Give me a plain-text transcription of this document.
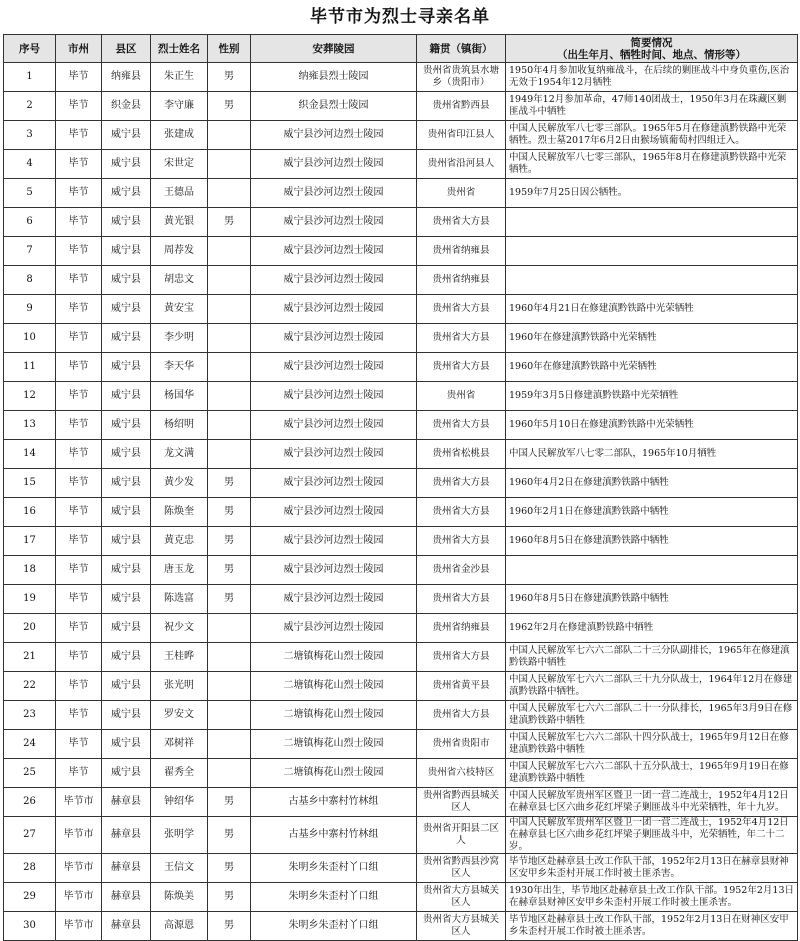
毕节市为烈士寻亲名单
序号	市州	县区	烈士姓名	性别	安葬陵园	籍贯（镇街）	简要情况
（出生年月、牺牲时间、地点、情形等）

1	毕节	纳雍县	朱正生	男	纳雍县烈士陵园	贵州省贵筑县水塘乡（贵阳市）	1950年4月参加收复纳雍战斗，在后续的剿匪战斗中身负重伤,医治无效于1954年12月牺牲
2	毕节	织金县	李守廉	男	织金县烈士陵园	贵州省黔西县	1949年12月参加革命，47师140团战士，1950年3月在珠藏区剿匪战斗中牺牲
3	毕节	威宁县	张建成		威宁县沙河边烈士陵园	贵州省印江县人	中国人民解放军八七零三部队。1965年5月在修建滇黔铁路中光荣牺牲。烈士墓2017年6月2日由猴场镇葡萄村四组迁入。
4	毕节	威宁县	宋世定		威宁县沙河边烈士陵园	贵州省沿河县人	中国人民解放军八七零三部队，1965年8月在修建滇黔铁路中光荣牺牲。
5	毕节	威宁县	王德品		威宁县沙河边烈士陵园	贵州省	1959年7月25日因公牺牲。
6	毕节	威宁县	黄光银	男	威宁县沙河边烈士陵园	贵州省大方县	
7	毕节	威宁县	周荐发		威宁县沙河边烈士陵园	贵州省纳雍县	
8	毕节	威宁县	胡忠文		威宁县沙河边烈士陵园	贵州省纳雍县	
9	毕节	威宁县	黄安宝		威宁县沙河边烈士陵园	贵州省大方县	1960年4月21日在修建滇黔铁路中光荣牺牲
10	毕节	威宁县	李少明		威宁县沙河边烈士陵园	贵州省大方县	1960年在修建滇黔铁路中光荣牺牲
11	毕节	威宁县	李天华		威宁县沙河边烈士陵园	贵州省大方县	1960年在修建滇黔铁路中光荣牺牲
12	毕节	威宁县	杨国华		威宁县沙河边烈士陵园	贵州省	1959年3月5日修建滇黔铁路中光荣牺牲
13	毕节	威宁县	杨绍明		威宁县沙河边烈士陵园	贵州省大方县	1960年5月10日在修建滇黔铁路中光荣牺牲
14	毕节	威宁县	龙文满		威宁县沙河边烈士陵园	贵州省松桃县	中国人民解放军八七零二部队，1965年10月牺牲
15	毕节	威宁县	黄少发	男	威宁县沙河边烈士陵园	贵州省大方县	1960年4月2日在修建滇黔铁路中牺牲
16	毕节	威宁县	陈焕奎	男	威宁县沙河边烈士陵园	贵州省大方县	1960年2月1日在修建滇黔铁路中牺牲
17	毕节	威宁县	黄克忠	男	威宁县沙河边烈士陵园	贵州省大方县	1960年8月5日在修建滇黔铁路中牺牲
18	毕节	威宁县	唐玉龙	男	威宁县沙河边烈士陵园	贵州省金沙县	
19	毕节	威宁县	陈选富	男	威宁县沙河边烈士陵园	贵州省大方县	1960年8月5日在修建滇黔铁路中牺牲
20	毕节	威宁县	祝少文		威宁县沙河边烈士陵园	贵州省纳雍县	1962年2月在修建滇黔铁路中牺牲
21	毕节	威宁县	王桂晔		二塘镇梅花山烈士陵园	贵州省大方县	中国人民解放军七六六二部队二十三分队副排长，1965年在修建滇黔铁路中牺牲
22	毕节	威宁县	张光明		二塘镇梅花山烈士陵园	贵州省黄平县	中国人民解放军七六六二部队三十九分队战士，1964年12月在修建滇黔铁路中牺牲。
23	毕节	威宁县	罗安文		二塘镇梅花山烈士陵园	贵州省大方县	中国人民解放军七六六二部队二十一分队排长，1965年3月9日在修建滇黔铁路中牺牲
24	毕节	威宁县	邓树祥		二塘镇梅花山烈士陵园	贵州省贵阳市	中国人民解放军七六六二部队十四分队战士，1965年9月12日在修建滇黔铁路中牺牲
25	毕节	威宁县	翟秀全		二塘镇梅花山烈士陵园	贵州省六枝特区	中国人民解放军七六六二部队十五分队战士，1965年9月19日在修建滇黔铁路中牺牲
26	毕节市	赫章县	钟绍华	男	古基乡中寨村竹林组	贵州省黔西县城关区人	中国人民解放军贵州军区暨卫一团一营二连战士，1952年4月12日在赫章县七区六曲乡花红坪梁子剿匪战斗中光荣牺牲，年十九岁。
27	毕节市	赫章县	张明学	男	古基乡中寨村竹林组	贵州省开阳县二区人	中国人民解放军贵州军区暨卫一团一营二连战士，1952年4月12日在赫章县七区六曲乡花红坪梁子剿匪战斗中，光荣牺牲，年二十二岁。
28	毕节市	赫章县	王信文	男	朱明乡朱歪村丫口组	贵州省黔西县沙窝区人	毕节地区赴赫章县土改工作队干部，1952年2月13日在赫章县财神区安甲乡朱歪村开展工作时被土匪杀害。
29	毕节市	赫章县	陈焕美	男	朱明乡朱歪村丫口组	贵州省大方县城关区人	1930年出生，毕节地区赴赫章县土改工作队干部。1952年2月13日在赫章县财神区安甲乡朱歪村开展工作时被土匪杀害。
30	毕节市	赫章县	高源恩	男	朱明乡朱歪村丫口组	贵州省大方县城关区人	毕节地区赴赫章县土改工作队干部，1952年2月13日在财神区安甲乡朱歪村开展工作时被土匪杀害。
